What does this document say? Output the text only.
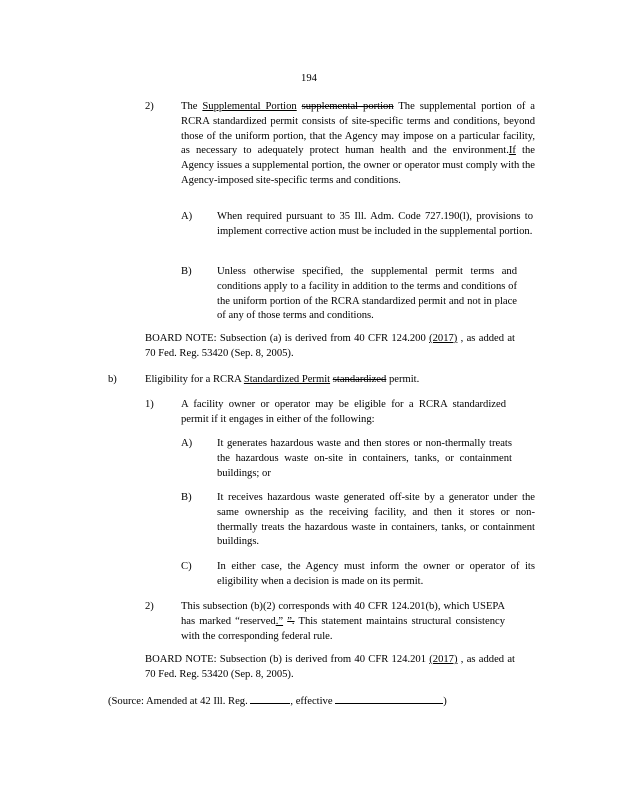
194
2)	The Supplemental Portion supplemental portion The supplemental portion of a RCRA standardized permit consists of site-specific terms and conditions, beyond those of the uniform portion, that the Agency may impose on a particular facility, as necessary to adequately protect human health and the environment.If the Agency issues a supplemental portion, the owner or operator must comply with the Agency-imposed site-specific terms and conditions.
A) When required pursuant to 35 Ill. Adm. Code 727.190(l), provisions to implement corrective action must be included in the supplemental portion.
B) Unless otherwise specified, the supplemental permit terms and conditions apply to a facility in addition to the terms and conditions of the uniform portion of the RCRA standardized permit and not in place of any of those terms and conditions.
BOARD NOTE: Subsection (a) is derived from 40 CFR 124.200 (2017) , as added at 70 Fed. Reg. 53420 (Sep. 8, 2005).
b)	Eligibility for a RCRA Standardized Permit standardized permit.
1)	A facility owner or operator may be eligible for a RCRA standardized permit if it engages in either of the following:
A) It generates hazardous waste and then stores or non-thermally treats the hazardous waste on-site in containers, tanks, or containment buildings; or
B) It receives hazardous waste generated off-site by a generator under the same ownership as the receiving facility, and then it stores or non-thermally treats the hazardous waste in containers, tanks, or containment buildings.
C) In either case, the Agency must inform the owner or operator of its eligibility when a decision is made on its permit.
2)	This subsection (b)(2) corresponds with 40 CFR 124.201(b), which USEPA has marked “reserved.” ”. This statement maintains structural consistency with the corresponding federal rule.
BOARD NOTE: Subsection (b) is derived from 40 CFR 124.201 (2017) , as added at 70 Fed. Reg. 53420 (Sep. 8, 2005).
(Source: Amended at 42 Ill. Reg.	, effective	)
